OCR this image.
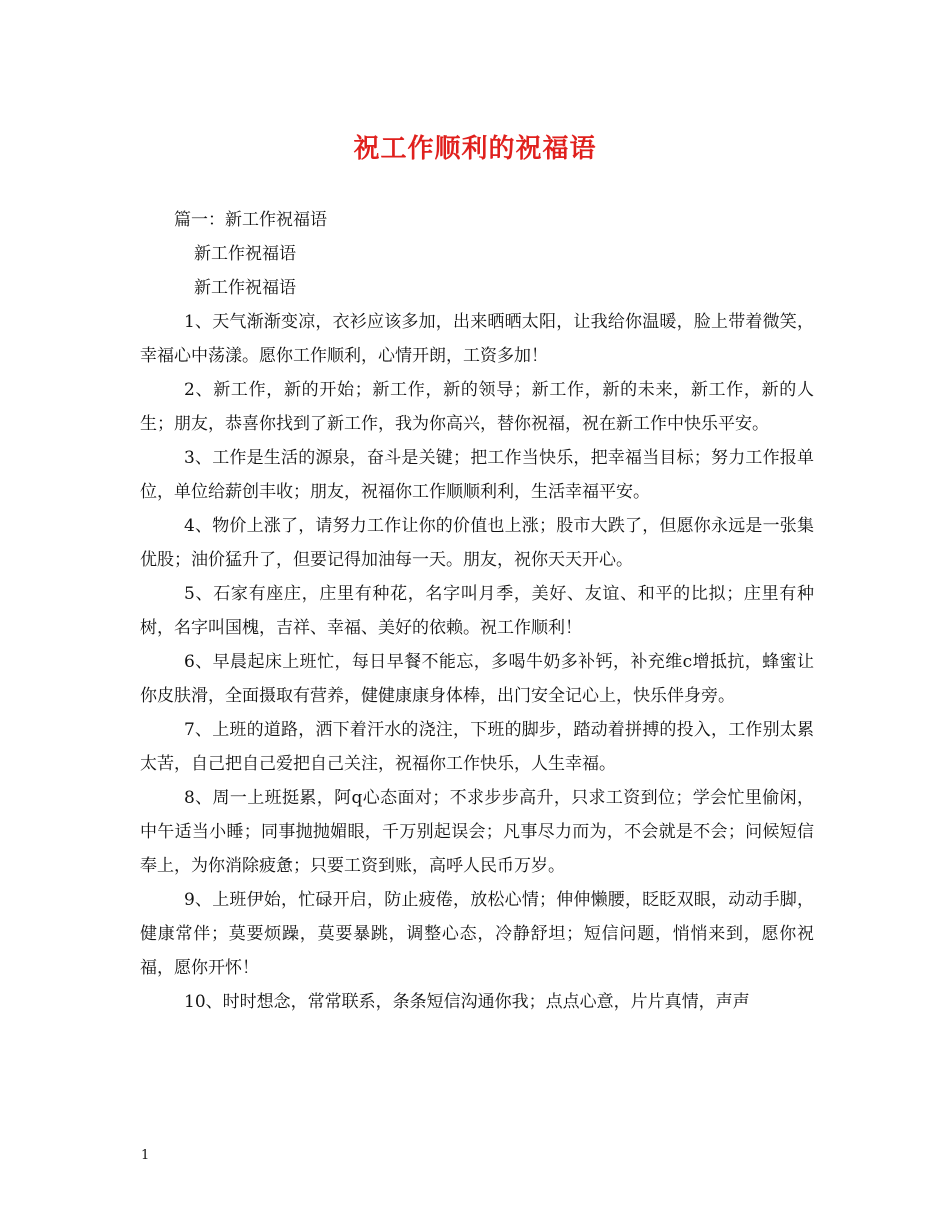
祝工作顺利的祝福语

篇一：新工作祝福语

新工作祝福语

新工作祝福语

1、天气渐渐变凉，衣衫应该多加，出来晒晒太阳，让我给你温暖，脸上带着微笑，幸福心中荡漾。愿你工作顺利，心情开朗，工资多加！

2、新工作，新的开始；新工作，新的领导；新工作，新的未来，新工作，新的人生；朋友，恭喜你找到了新工作，我为你高兴，替你祝福，祝在新工作中快乐平安。

3、工作是生活的源泉，奋斗是关键；把工作当快乐，把幸福当目标；努力工作报单位，单位给薪创丰收；朋友，祝福你工作顺顺利利，生活幸福平安。

4、物价上涨了，请努力工作让你的价值也上涨；股市大跌了，但愿你永远是一张集优股；油价猛升了，但要记得加油每一天。朋友，祝你天天开心。

5、石家有座庄，庄里有种花，名字叫月季，美好、友谊、和平的比拟；庄里有种树，名字叫国槐，吉祥、幸福、美好的依赖。祝工作顺利！

6、早晨起床上班忙，每日早餐不能忘，多喝牛奶多补钙，补充维c增抵抗，蜂蜜让你皮肤滑，全面摄取有营养，健健康康身体棒，出门安全记心上，快乐伴身旁。

7、上班的道路，洒下着汗水的浇注，下班的脚步，踏动着拼搏的投入，工作别太累太苦，自己把自己爱把自己关注，祝福你工作快乐，人生幸福。

8、周一上班挺累，阿q心态面对；不求步步高升，只求工资到位；学会忙里偷闲，中午适当小睡；同事抛抛媚眼，千万别起误会；凡事尽力而为，不会就是不会；问候短信奉上，为你消除疲惫；只要工资到账，高呼人民币万岁。

9、上班伊始，忙碌开启，防止疲倦，放松心情；伸伸懒腰，眨眨双眼，动动手脚，健康常伴；莫要烦躁，莫要暴跳，调整心态，冷静舒坦；短信问题，悄悄来到，愿你祝福，愿你开怀！

10、时时想念，常常联系，条条短信沟通你我；点点心意，片片真情，声声

1
